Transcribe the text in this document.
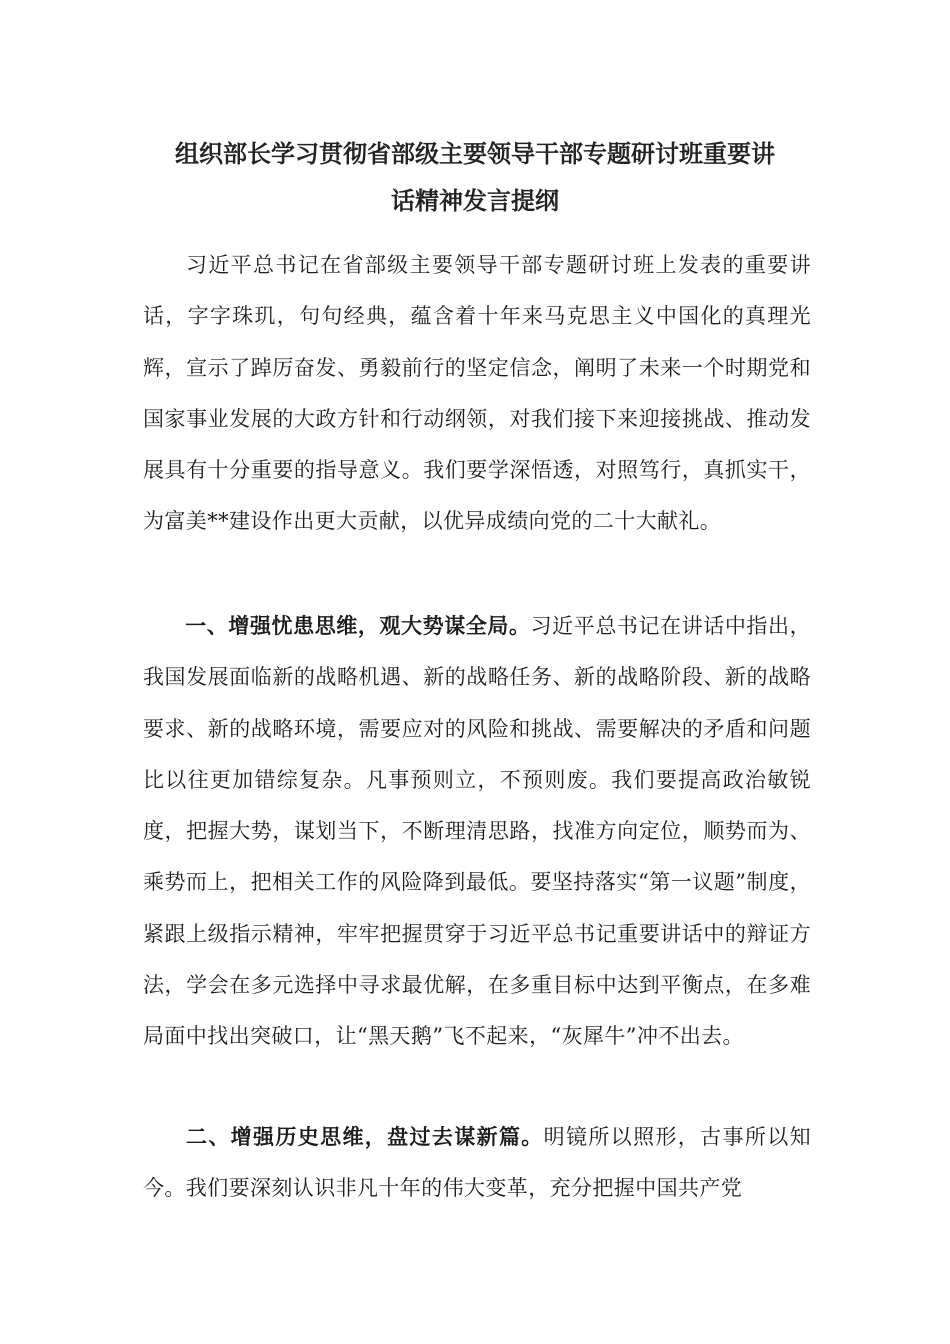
组织部长学习贯彻省部级主要领导干部专题研讨班重要讲
话精神发言提纲

习近平总书记在省部级主要领导干部专题研讨班上发表的重要讲话，字字珠玑，句句经典，蕴含着十年来马克思主义中国化的真理光辉，宣示了踔厉奋发、勇毅前行的坚定信念，阐明了未来一个时期党和国家事业发展的大政方针和行动纲领，对我们接下来迎接挑战、推动发展具有十分重要的指导意义。我们要学深悟透，对照笃行，真抓实干，为富美**建设作出更大贡献，以优异成绩向党的二十大献礼。

一、增强忧患思维，观大势谋全局。习近平总书记在讲话中指出，我国发展面临新的战略机遇、新的战略任务、新的战略阶段、新的战略要求、新的战略环境，需要应对的风险和挑战、需要解决的矛盾和问题比以往更加错综复杂。凡事预则立，不预则废。我们要提高政治敏锐度，把握大势，谋划当下，不断理清思路，找准方向定位，顺势而为、乘势而上，把相关工作的风险降到最低。要坚持落实“第一议题”制度，紧跟上级指示精神，牢牢把握贯穿于习近平总书记重要讲话中的辩证方法，学会在多元选择中寻求最优解，在多重目标中达到平衡点，在多难局面中找出突破口，让“黑天鹅”飞不起来，“灰犀牛”冲不出去。

二、增强历史思维，盘过去谋新篇。明镜所以照形，古事所以知今。我们要深刻认识非凡十年的伟大变革，充分把握中国共产党
